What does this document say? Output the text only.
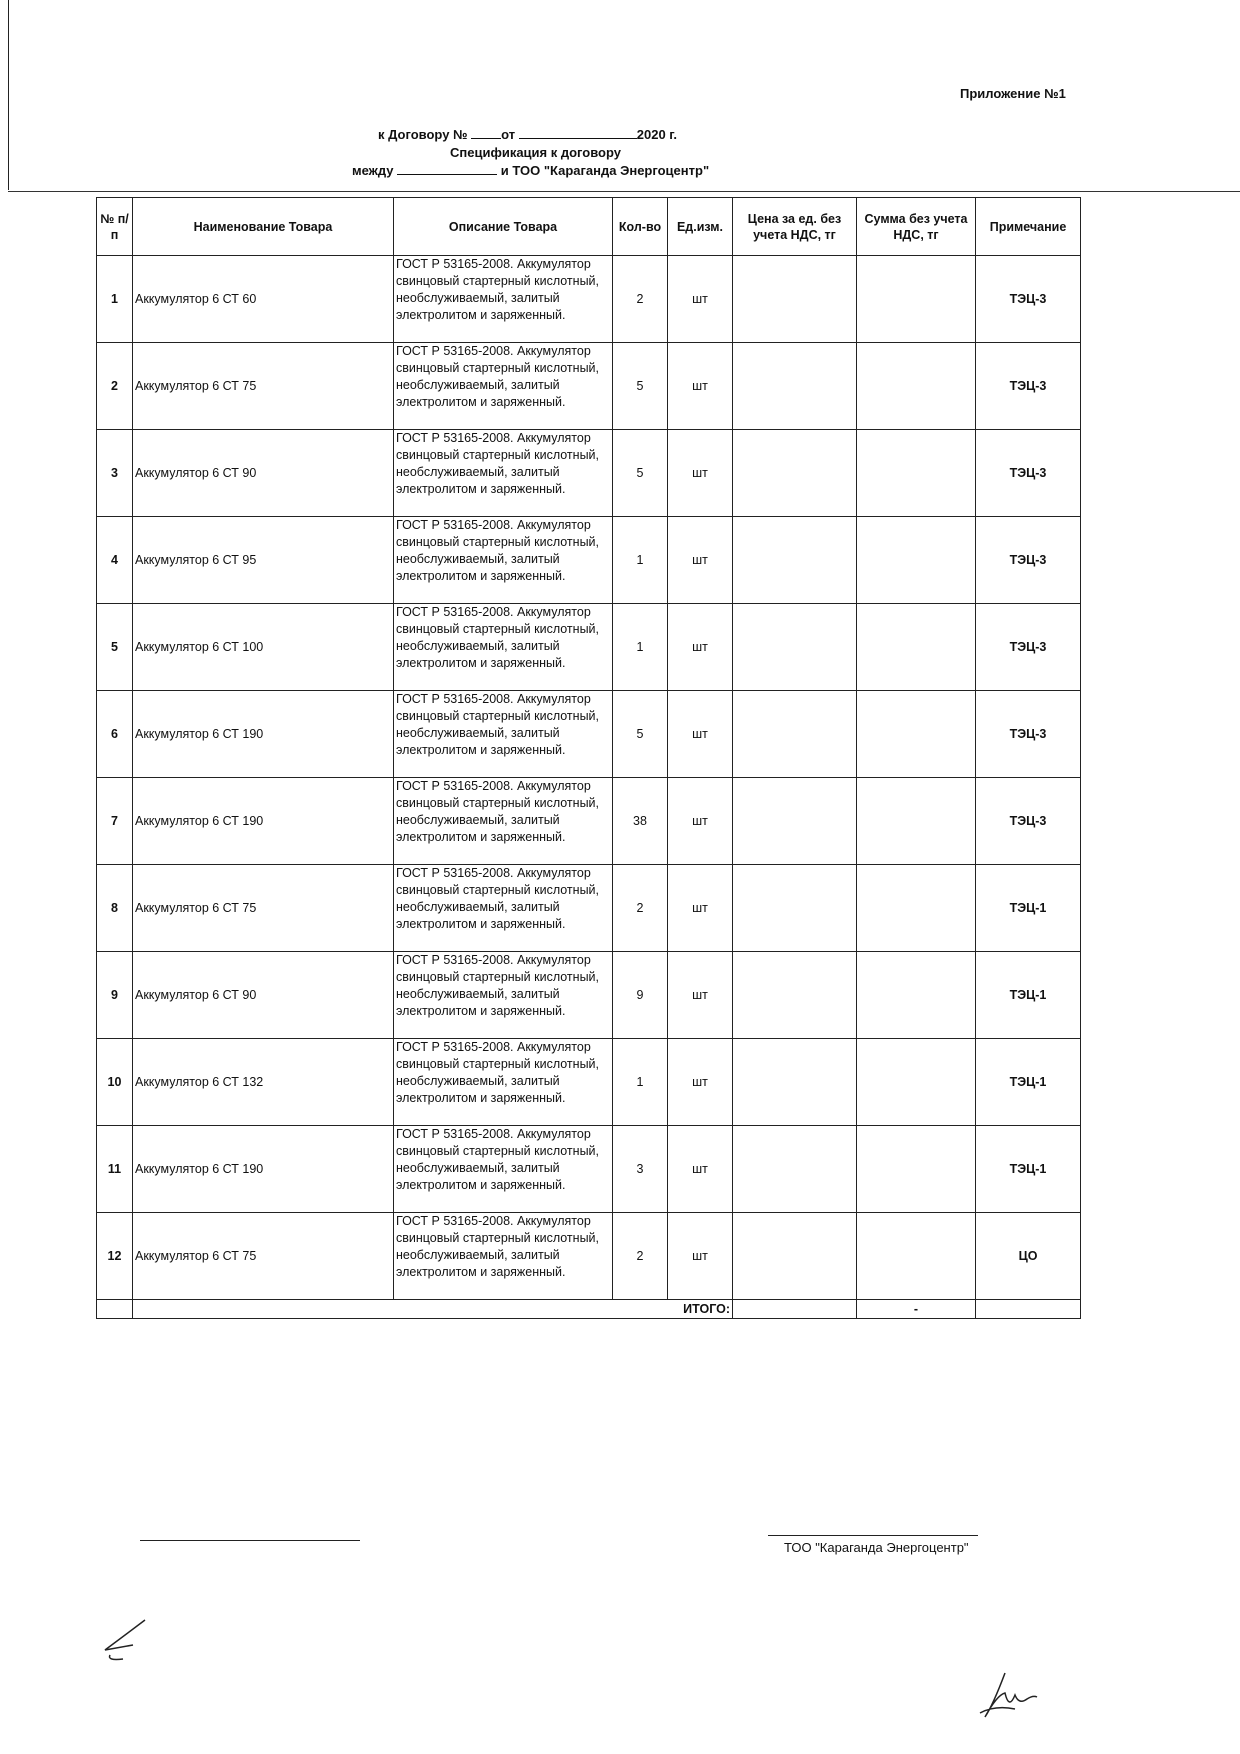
Приложение №1
к Договору №	от	2020 г.
Спецификация к договору
между	и ТОО "Караганда Энергоцентр"
№ п/п	Наименование Товара	Описание Товара	Кол-во	Ед.изм.	Цена за ед. без учета НДС, тг	Сумма без учета НДС, тг	Примечание
1	Аккумулятор 6 СТ 60	ГОСТ Р 53165-2008. Аккумулятор свинцовый стартерный кислотный, необслуживаемый, залитый электролитом и заряженный.	2	шт			ТЭЦ-3
2	Аккумулятор 6 СТ 75	ГОСТ Р 53165-2008. Аккумулятор свинцовый стартерный кислотный, необслуживаемый, залитый электролитом и заряженный.	5	шт			ТЭЦ-3
3	Аккумулятор 6 СТ 90	ГОСТ Р 53165-2008. Аккумулятор свинцовый стартерный кислотный, необслуживаемый, залитый электролитом и заряженный.	5	шт			ТЭЦ-3
4	Аккумулятор 6 СТ 95	ГОСТ Р 53165-2008. Аккумулятор свинцовый стартерный кислотный, необслуживаемый, залитый электролитом и заряженный.	1	шт			ТЭЦ-3
5	Аккумулятор 6 СТ 100	ГОСТ Р 53165-2008. Аккумулятор свинцовый стартерный кислотный, необслуживаемый, залитый электролитом и заряженный.	1	шт			ТЭЦ-3
6	Аккумулятор 6 СТ 190	ГОСТ Р 53165-2008. Аккумулятор свинцовый стартерный кислотный, необслуживаемый, залитый электролитом и заряженный.	5	шт			ТЭЦ-3
7	Аккумулятор 6 СТ 190	ГОСТ Р 53165-2008. Аккумулятор свинцовый стартерный кислотный, необслуживаемый, залитый электролитом и заряженный.	38	шт			ТЭЦ-3
8	Аккумулятор 6 СТ 75	ГОСТ Р 53165-2008. Аккумулятор свинцовый стартерный кислотный, необслуживаемый, залитый электролитом и заряженный.	2	шт			ТЭЦ-1
9	Аккумулятор 6 СТ 90	ГОСТ Р 53165-2008. Аккумулятор свинцовый стартерный кислотный, необслуживаемый, залитый электролитом и заряженный.	9	шт			ТЭЦ-1
10	Аккумулятор 6 СТ 132	ГОСТ Р 53165-2008. Аккумулятор свинцовый стартерный кислотный, необслуживаемый, залитый электролитом и заряженный.	1	шт			ТЭЦ-1
11	Аккумулятор 6 СТ 190	ГОСТ Р 53165-2008. Аккумулятор свинцовый стартерный кислотный, необслуживаемый, залитый электролитом и заряженный.	3	шт			ТЭЦ-1
12	Аккумулятор 6 СТ 75	ГОСТ Р 53165-2008. Аккумулятор свинцовый стартерный кислотный, необслуживаемый, залитый электролитом и заряженный.	2	шт			ЦО
	ИТОГО:					-	
ТОО "Караганда Энергоцентр"
